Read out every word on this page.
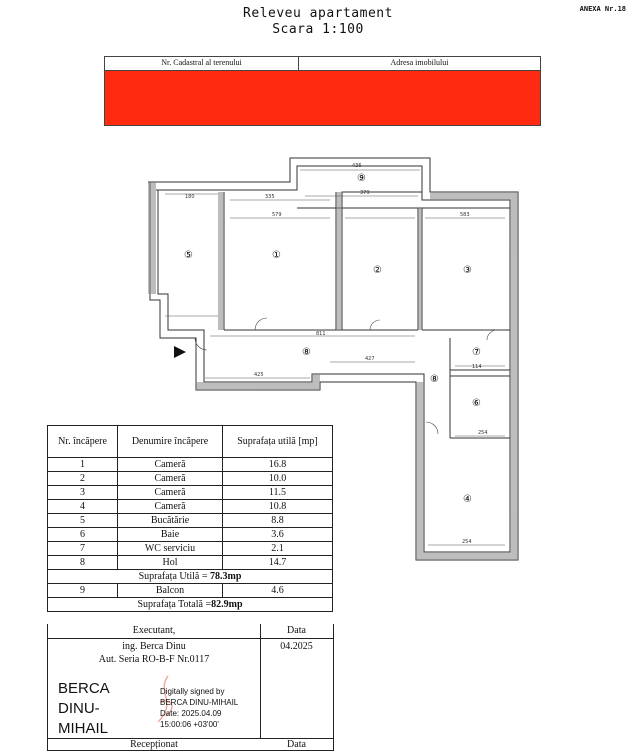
Releveu apartament
Scara 1:100
ANEXA Nr.18
Nr. Cadastral al terenului	Adresa imobilului
①
②	③
④
⑤
⑥
⑦
⑧
⑧
⑨
436
379
180	335
579	583
811
427
425
114
254
254
Nr. încăpere	Denumire încăpere	Suprafața utilă [mp]
1	Cameră	16.8
2	Cameră	10.0
3	Cameră	11.5
4	Cameră	10.8
5	Bucătărie	8.8
6	Baie	3.6
7	WC serviciu	2.1
8	Hol	14.7
Suprafața Utilă = 78.3mp		
9	Balcon	4.6
Suprafața Totală =82.9mp		
Executant,	Data
ing. Berca Dinu
Aut. Seria RO-B-F Nr.0117
04.2025
BERCA
DINU-
MIHAIL
Digitally signed by
BERCA DINU-MIHAIL
Date: 2025.04.09
15:00:06 +03'00'
Recepționat	Data
